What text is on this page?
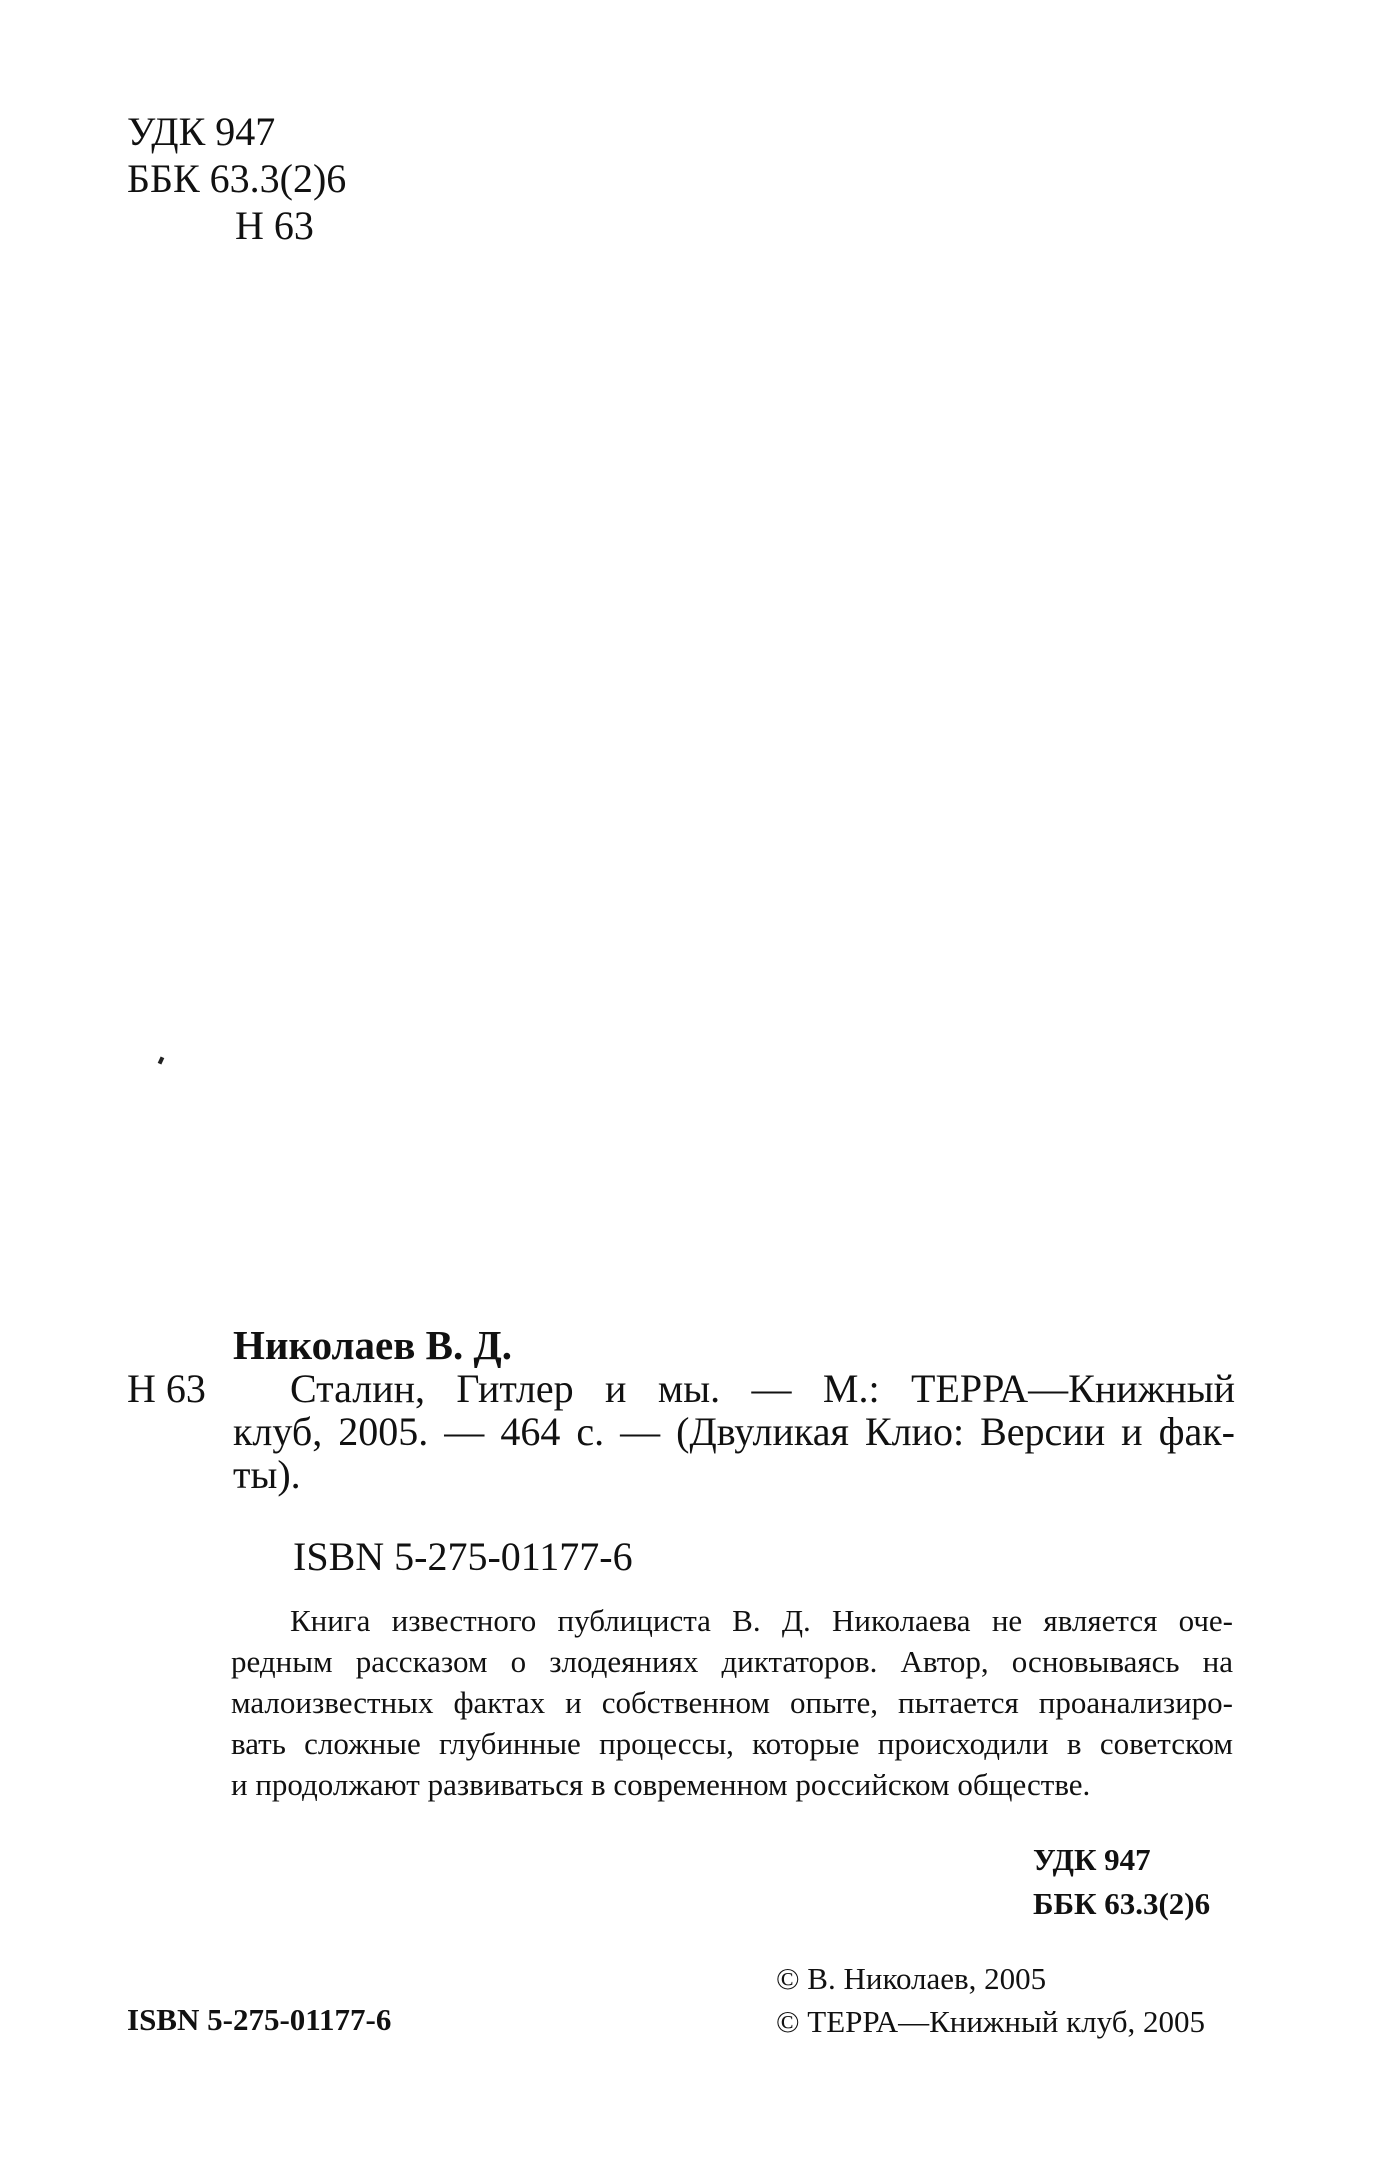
УДК 947
ББК 63.3(2)6
Н 63
Николаев В. Д.
Н 63 Сталин, Гитлер и мы. — М.: ТЕРРА—Книжный
клуб, 2005. — 464 с. — (Двуликая Клио: Версии и фак-
ты).
ISBN 5-275-01177-6
Книга известного публициста В. Д. Николаева не является оче-
редным рассказом о злодеяниях диктаторов. Автор, основываясь на
малоизвестных фактах и собственном опыте, пытается проанализиро-
вать сложные глубинные процессы, которые происходили в советском
и продолжают развиваться в современном российском обществе.
УДК 947
ББК 63.3(2)6
© В. Николаев, 2005
© ТЕРРА—Книжный клуб, 2005
ISBN 5-275-01177-6
